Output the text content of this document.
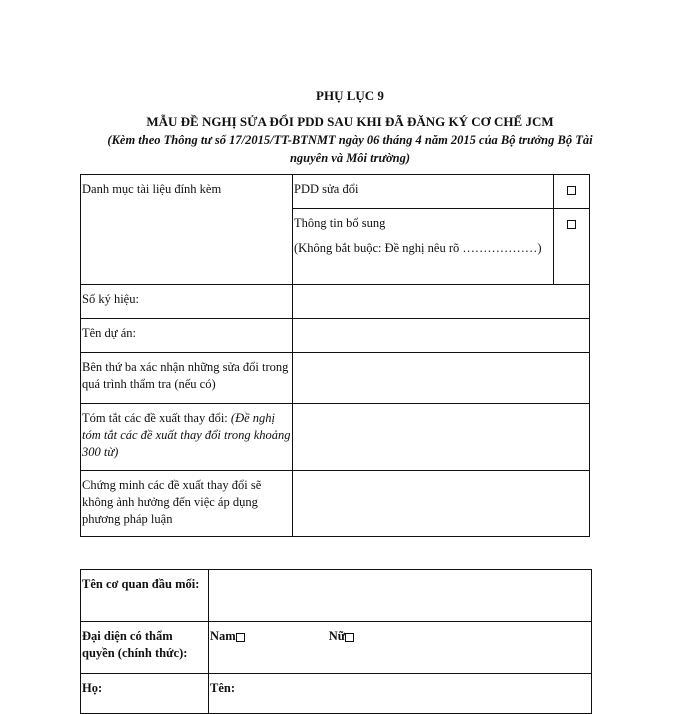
PHỤ LỤC 9
MẪU ĐỀ NGHỊ SỬA ĐỔI PDD SAU KHI ĐÃ ĐĂNG KÝ CƠ CHẾ JCM
(Kèm theo Thông tư số 17/2015/TT-BTNMT ngày 06 tháng 4 năm 2015 của Bộ trưởng Bộ Tài nguyên và Môi trường)
Danh mục tài liệu đính kèm	PDD sửa đổi	

	Thông tin bổ sung
(Không bắt buộc: Đề nghị nêu rõ ………………)	

Số ký hiệu:		
Tên dự án:		
Bên thứ ba xác nhận những sửa đổi trong quá trình thẩm tra (nếu có)		
Tóm tắt các đề xuất thay đổi: (Đề nghị tóm tắt các đề xuất thay đổi trong khoảng 300 từ)		
Chứng minh các đề xuất thay đổi sẽ không ảnh hưởng đến việc áp dụng phương pháp luận		
Tên cơ quan đầu mối:	
Đại diện có thẩm quyền (chính thức):	Nam Nữ
Họ:	Tên:
